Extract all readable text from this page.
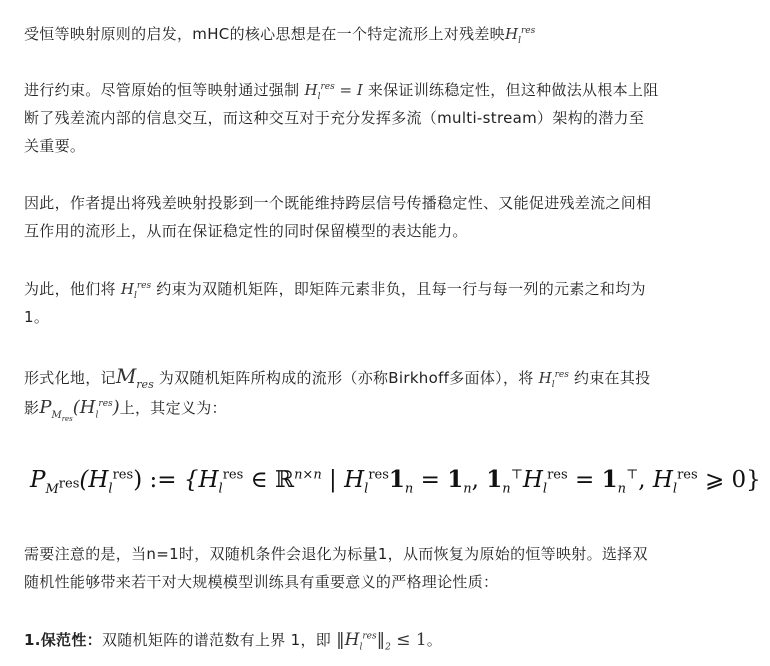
受恒等映射原则的启发，mHC的核心思想是在一个特定流形上对残差映$H_l^{res}$

进行约束。尽管原始的恒等映射通过强制 $H_l^{res} = I$ 来保证训练稳定性，但这种做法从根本上阻

断了残差流内部的信息交互，而这种交互对于充分发挥多流（multi-stream）架构的潜力至

关重要。

因此，作者提出将残差映射投影到一个既能维持跨层信号传播稳定性、又能促进残差流之间相

互作用的流形上，从而在保证稳定性的同时保留模型的表达能力。

为此，他们将 $H_l^{res}$ 约束为双随机矩阵，即矩阵元素非负，且每一行与每一列的元素之和均为

1。

形式化地，记$M_{res}$ 为双随机矩阵所构成的流形（亦称Birkhoff多面体），将 $H_l^{res}$ 约束在其投

影$P_{M_{res}}(H_l^{res})$上，其定义为：

$P_{M^{res}}(H_l^{res})$ := {$H_l^{res}$ ∈ ℝ$^{n\times n}$ | $H_l^{res}1_n = 1_n$, $1_n^⊤H_l^{res} = 1_n^⊤$, $H_l^{res}$ ⩾ 0}

需要注意的是，当n=1时，双随机条件会退化为标量1，从而恢复为原始的恒等映射。选择双

随机性能够带来若干对大规模模型训练具有重要意义的严格理论性质：

1.保范性：双随机矩阵的谱范数有上界 1，即 $‖H_l^{res}‖_2 \le 1$。
